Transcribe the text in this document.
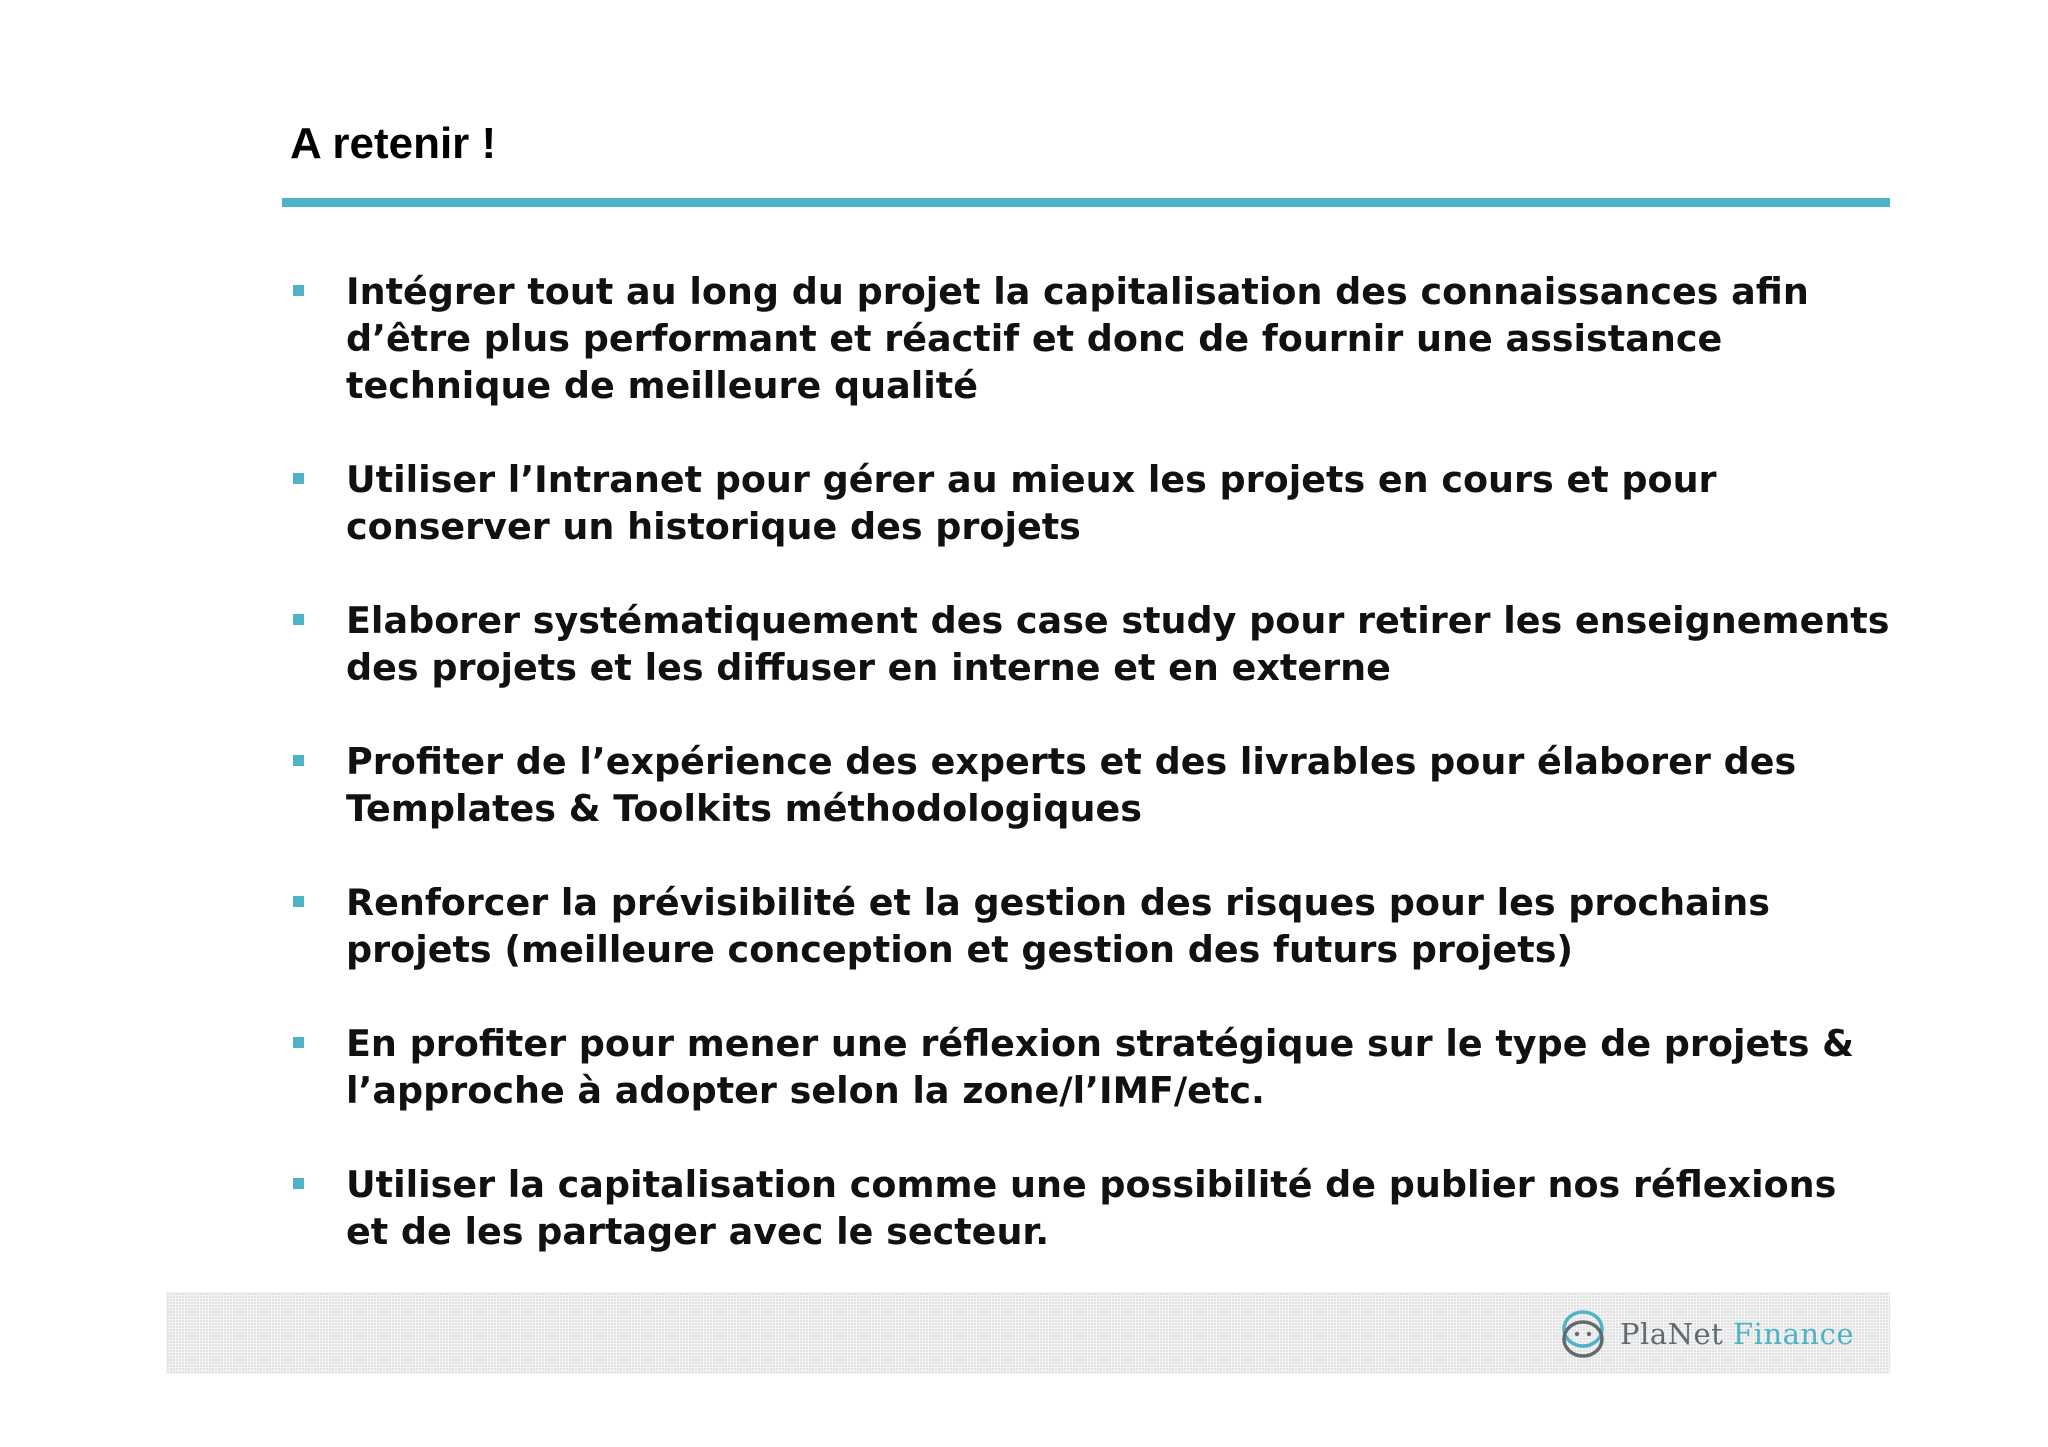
A retenir !
Intégrer tout au long du projet la capitalisation des connaissances afin d’être plus performant et réactif et donc de fournir une assistance technique de meilleure qualité
Utiliser l’Intranet pour gérer au mieux les projets en cours et pour conserver un historique des projets
Elaborer systématiquement des case study pour retirer les enseignements des projets et les diffuser en interne et en externe
Profiter de l’expérience des experts et des livrables pour élaborer des Templates & Toolkits méthodologiques
Renforcer la prévisibilité et la gestion des risques pour les prochains projets (meilleure conception et gestion des futurs projets)
En profiter pour mener une réflexion stratégique sur le type de projets & l’approche à adopter selon la zone/l’IMF/etc.
Utiliser la capitalisation comme une possibilité de publier nos réflexions et de les partager avec le secteur.
PlaNet Finance
